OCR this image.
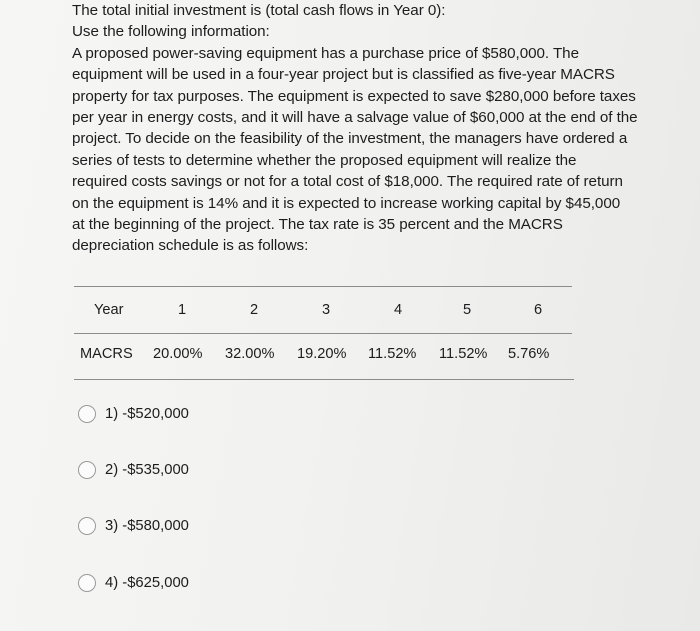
The total initial investment is (total cash flows in Year 0):
Use the following information:
A proposed power-saving equipment has a purchase price of $580,000. The
equipment will be used in a four-year project but is classified as five-year MACRS
property for tax purposes. The equipment is expected to save $280,000 before taxes
per year in energy costs, and it will have a salvage value of $60,000 at the end of the
project. To decide on the feasibility of the investment, the managers have ordered a
series of tests to determine whether the proposed equipment will realize the
required costs savings or not for a total cost of $18,000. The required rate of return
on the equipment is 14% and it is expected to increase working capital by $45,000
at the beginning of the project. The tax rate is 35 percent and the MACRS
depreciation schedule is as follows:
Year	1	2	3	4	5	6
MACRS 20.00% 32.00% 19.20% 11.52% 11.52% 5.76%
1) -$520,000
2) -$535,000
3) -$580,000
4) -$625,000
